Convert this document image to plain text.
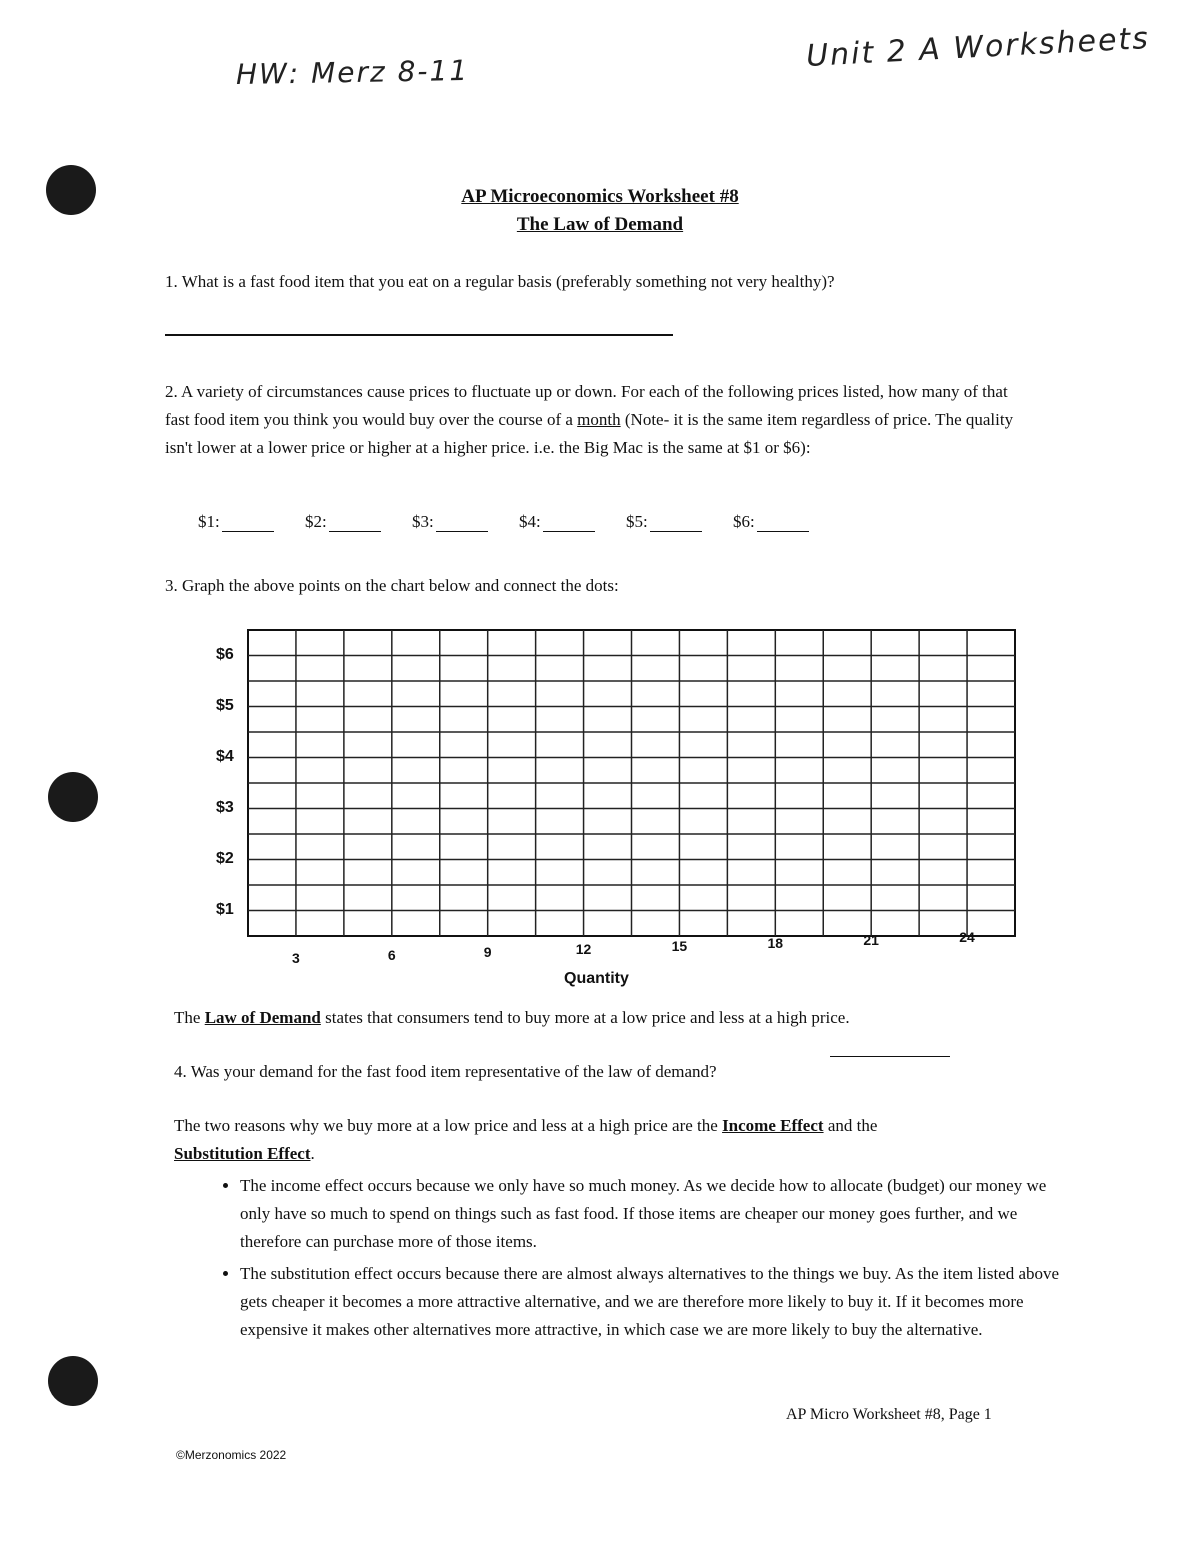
HW: Merz 8-11	Unit 2 A Worksheets
AP Microeconomics Worksheet #8
The Law of Demand
1. What is a fast food item that you eat on a regular basis (preferably something not very healthy)?
2. A variety of circumstances cause prices to fluctuate up or down. For each of the following prices listed, how many of that fast food item you think you would buy over the course of a month (Note- it is the same item regardless of price. The quality isn't lower at a lower price or higher at a higher price. i.e. the Big Mac is the same at $1 or $6):
$1:	$2:	$3:	$4:	$5:	$6:
3. Graph the above points on the chart below and connect the dots:
$6
$5
$4
$3
$2
$1
3	6	9	12	15	18	21	24
Quantity
The Law of Demand states that consumers tend to buy more at a low price and less at a high price.
4. Was your demand for the fast food item representative of the law of demand?
The two reasons why we buy more at a low price and less at a high price are the Income Effect and the
Substitution Effect.
• The income effect occurs because we only have so much money. As we decide how to allocate (budget) our money we only have so much to spend on things such as fast food. If those items are cheaper our money goes further, and we therefore can purchase more of those items.
• The substitution effect occurs because there are almost always alternatives to the things we buy. As the item listed above gets cheaper it becomes a more attractive alternative, and we are therefore more likely to buy it. If it becomes more expensive it makes other alternatives more attractive, in which case we are more likely to buy the alternative.
AP Micro Worksheet #8, Page 1
©Merzonomics 2022
